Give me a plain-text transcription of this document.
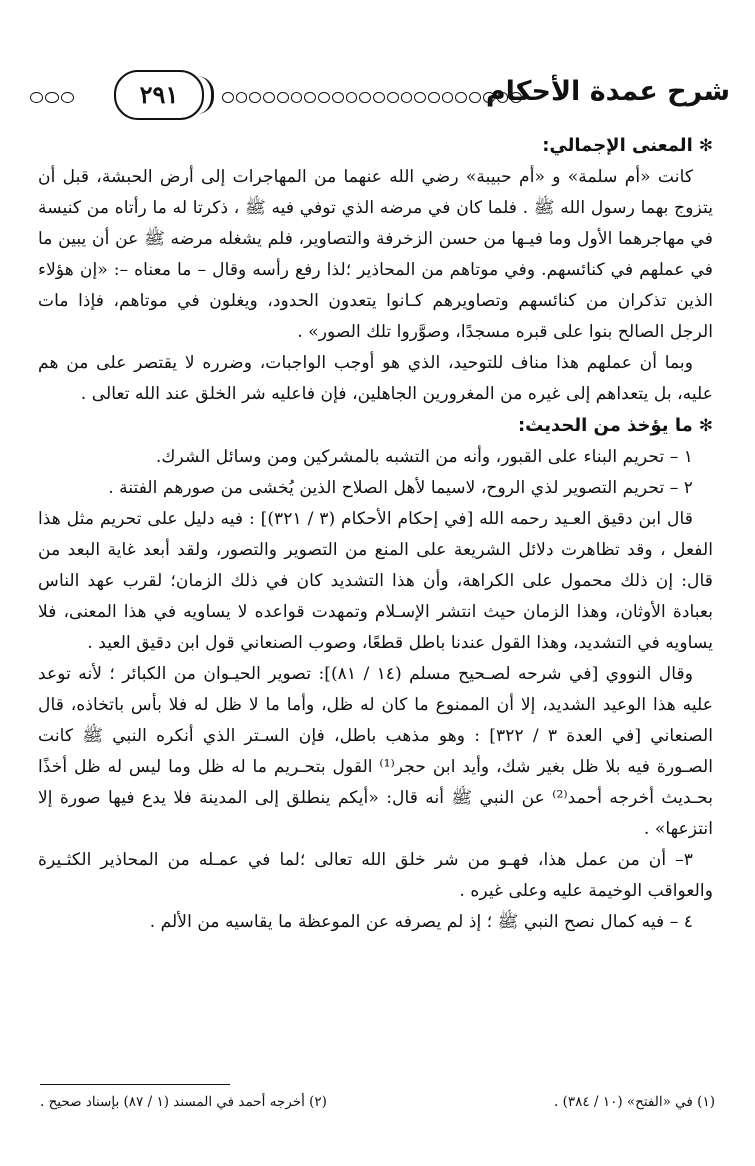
شرح عمدة الأحكام
٢٩١
✻المعنى الإجمالي:

كانت «أم سلمة» و «أم حبيبة» رضي الله عنهما من المهاجرات إلى أرض الحبشة، قبل أن يتزوج بهما رسول الله ﷺ . فلما كان في مرضه الذي توفي فيه ﷺ ، ذكرتا له ما رأتاه من كنيسة في مهاجرهما الأول وما فيـها من حسن الزخرفة والتصاوير، فلم يشغله مرضه ﷺ عن أن يبين ما في عملهم في كنائسهم. وفي موتاهم من المحاذير ؛لذا رفع رأسه وقال – ما معناه –: «إن هؤلاء الذين تذكران من كنائسهم وتصاويرهم كـانوا يتعدون الحدود، ويغلون في موتاهم، فإذا مات الرجل الصالح بنوا على قبره مسجدًا، وصوَّروا تلك الصور» .

وبما أن عملهم هذا مناف للتوحيد، الذي هو أوجب الواجبات، وضرره لا يقتصر على من هم عليه، بل يتعداهم إلى غيره من المغرورين الجاهلين، فإن فاعليه شر الخلق عند الله تعالى .

✻ما يؤخذ من الحديث:

١ – تحريم البناء على القبور، وأنه من التشبه بالمشركين ومن وسائل الشرك.

٢ – تحريم التصوير لذي الروح، لاسيما لأهل الصلاح الذين يُخشى من صورهم الفتنة .

قال ابن دقيق العـيد رحمه الله [في إحكام الأحكام (٣ / ٣٢١)] : فيه دليل على تحريم مثل هذا الفعل ، وقد تظاهرت دلائل الشريعة على المنع من التصوير والتصور، ولقد أبعد غاية البعد من قال: إن ذلك محمول على الكراهة، وأن هذا التشديد كان في ذلك الزمان؛ لقرب عهد الناس بعبادة الأوثان، وهذا الزمان حيث انتشر الإسـلام وتمهدت قواعده لا يساويه في هذا المعنى، فلا يساويه في التشديد، وهذا القول عندنا باطل قطعًا، وصوب الصنعاني قول ابن دقيق العيد .

وقال النووي [في شرحه لصـحيح مسلم (١٤ / ٨١)]: تصوير الحيـوان من الكبائر ؛ لأنه توعد عليه هذا الوعيد الشديد، إلا أن الممنوع ما كان له ظل، وأما ما لا ظل له فلا بأس باتخاذه، قال الصنعاني [في العدة ٣ / ٣٢٢] : وهو مذهب باطل، فإن السـتر الذي أنكره النبي ﷺ كانت الصـورة فيه بلا ظل بغير شك، وأيد ابن حجر⁽¹⁾ القول بتحـريم ما له ظل وما ليس له ظل أخذًا بحـديث أخرجه أحمد⁽²⁾ عن النبي ﷺ أنه قال: «أيكم ينطلق إلى المدينة فلا يدع فيها صورة إلا انتزعها» .

٣– أن من عمل هذا، فهـو من شر خلق الله تعالى ؛لما في عمـله من المحاذير الكثـيرة والعواقب الوخيمة عليه وعلى غيره .

٤ – فيه كمال نصح النبي ﷺ ؛ إذ لم يصرفه عن الموعظة ما يقاسيه من الألم .

(١) في «الفتح» (١٠ / ٣٨٤) .
(٢) أخرجه أحمد في المسند (١ / ٨٧) بإسناد صحيح .
